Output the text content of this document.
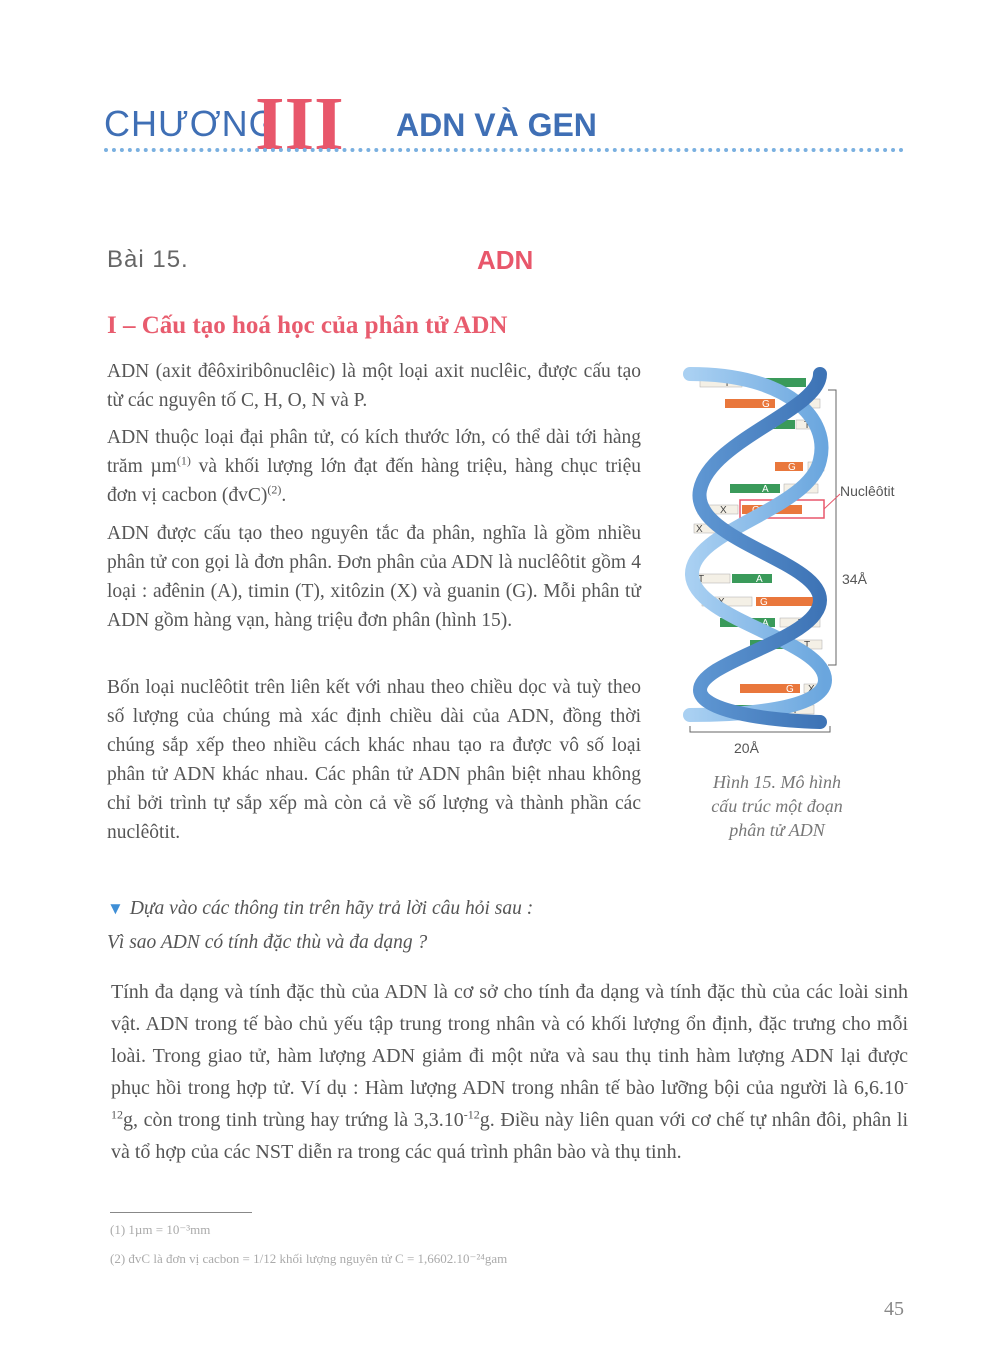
CHƯƠNG
III ADN VÀ GEN
Bài 15.	ADN
I – Cấu tạo hoá học của phân tử ADN

ADN (axit đêôxiribônuclêic) là một loại axit nuclêic, được cấu tạo từ các nguyên tố C, H, O, N và P.

ADN thuộc loại đại phân tử, có kích thước lớn, có thể dài tới hàng trăm µm$^{(1)}$ và khối lượng lớn đạt đến hàng triệu, hàng chục triệu đơn vị cacbon (đvC)$^{(2)}$.

ADN được cấu tạo theo nguyên tắc đa phân, nghĩa là gồm nhiều phân tử con gọi là đơn phân. Đơn phân của ADN là nuclêôtit gồm 4 loại : ađênin (A), timin (T), xitôzin (X) và guanin (G). Mỗi phân tử ADN gồm hàng vạn, hàng triệu đơn phân (hình 15).

Bốn loại nuclêôtit trên liên kết với nhau theo chiều dọc và tuỳ theo số lượng của chúng mà xác định chiều dài của ADN, đồng thời chúng sắp xếp theo nhiều cách khác nhau tạo ra được vô số loại phân tử ADN khác nhau. Các phân tử ADN phân biệt nhau không chỉ bởi trình tự sắp xếp mà còn cả về số lượng và thành phần các nuclêôtit.

▼ Dựa vào các thông tin trên hãy trả lời câu hỏi sau :
Vì sao ADN có tính đặc thù và đa dạng ?

Tính đa dạng và tính đặc thù của ADN là cơ sở cho tính đa dạng và tính đặc thù của các loài sinh vật. ADN trong tế bào chủ yếu tập trung trong nhân và có khối lượng ổn định, đặc trưng cho mỗi loài. Trong giao tử, hàm lượng ADN giảm đi một nửa và sau thụ tinh hàm lượng ADN lại được phục hồi trong hợp tử. Ví dụ : Hàm lượng ADN trong nhân tế bào lưỡng bội của người là $6,6.10^{-12}g$, còn trong tinh trùng hay trứng là $3,3.10^{-12}g$. Điều này liên quan với cơ chế tự nhân đôi, phân li và tổ hợp của các NST diễn ra trong các quá trình phân bào và thụ tinh.

(1) 1µm = 10⁻³mm
(2) đvC là đơn vị cacbon = 1/12 khối lượng nguyên tử C = 1,6602.10⁻²⁴gam
45
T	A
G	X
A	T
G X
A	T
X	G
X	G
T	A
X	G
A	T
A	T
G X
A T
34Å
Nuclêôtit
20Å
Hình 15. Mô hình
cấu trúc một đoạn
phân tử ADN
